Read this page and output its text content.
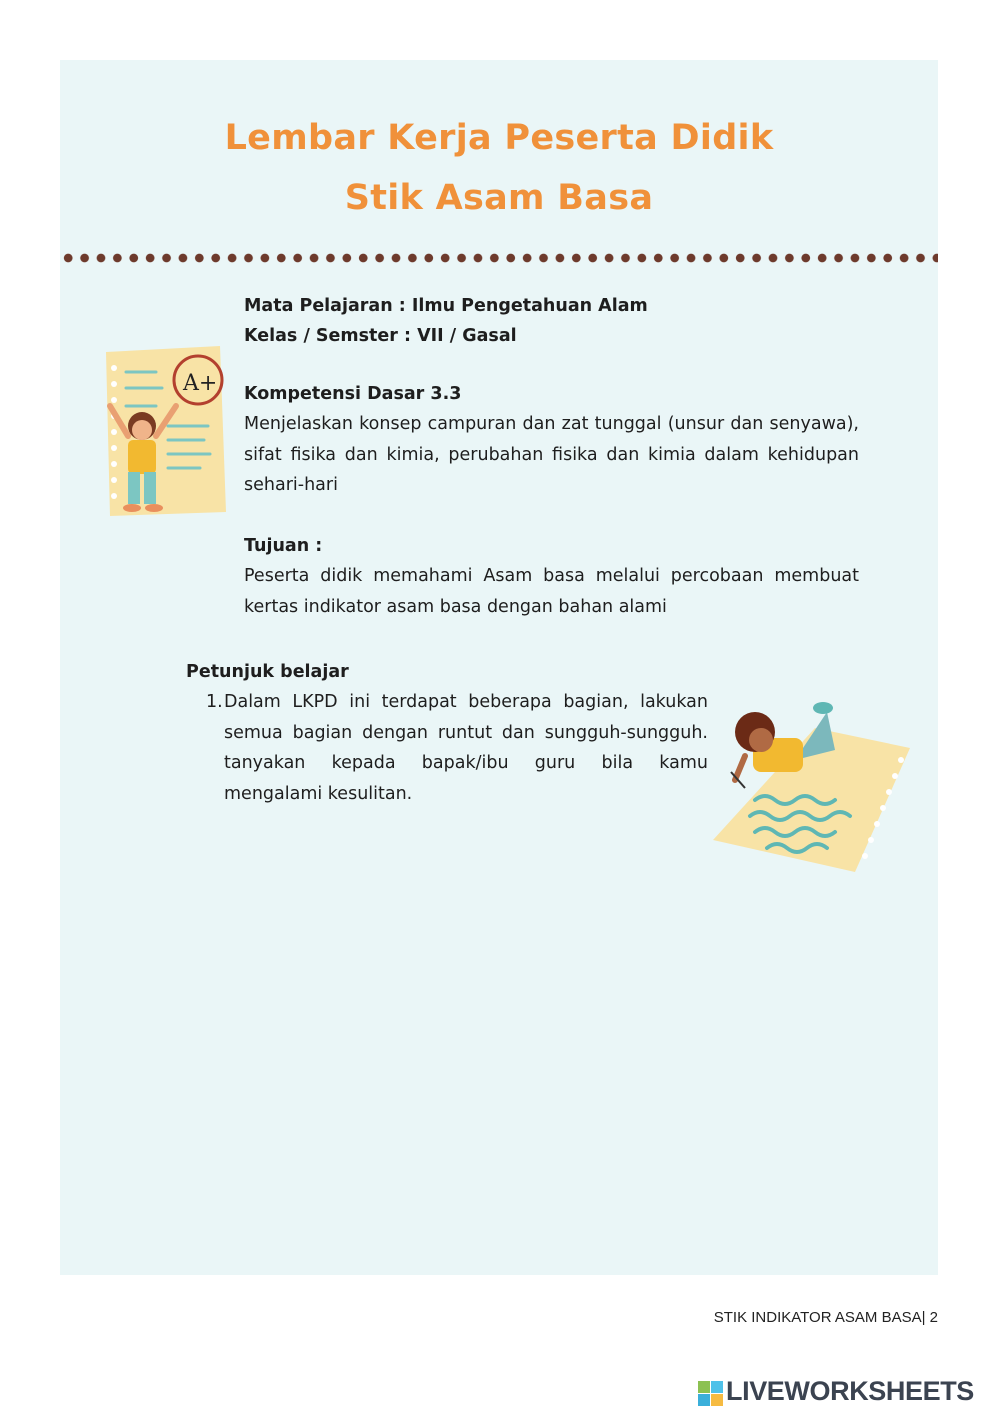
Lembar Kerja Peserta Didik
Stik Asam Basa
Mata Pelajaran : Ilmu Pengetahuan Alam
Kelas / Semster : VII / Gasal
Kompetensi Dasar 3.3
Menjelaskan konsep campuran dan zat tunggal (unsur dan senyawa), sifat fisika dan kimia, perubahan fisika dan kimia dalam kehidupan sehari-hari
Tujuan :
Peserta didik memahami Asam basa melalui percobaan membuat kertas indikator asam basa dengan bahan alami
Petunjuk belajar
1. Dalam LKPD ini terdapat beberapa bagian, lakukan semua bagian dengan runtut dan sungguh-sungguh. tanyakan kepada bapak/ibu guru bila kamu mengalami kesulitan.
A+
STIK INDIKATOR ASAM BASA| 2
LIVEWORKSHEETS
